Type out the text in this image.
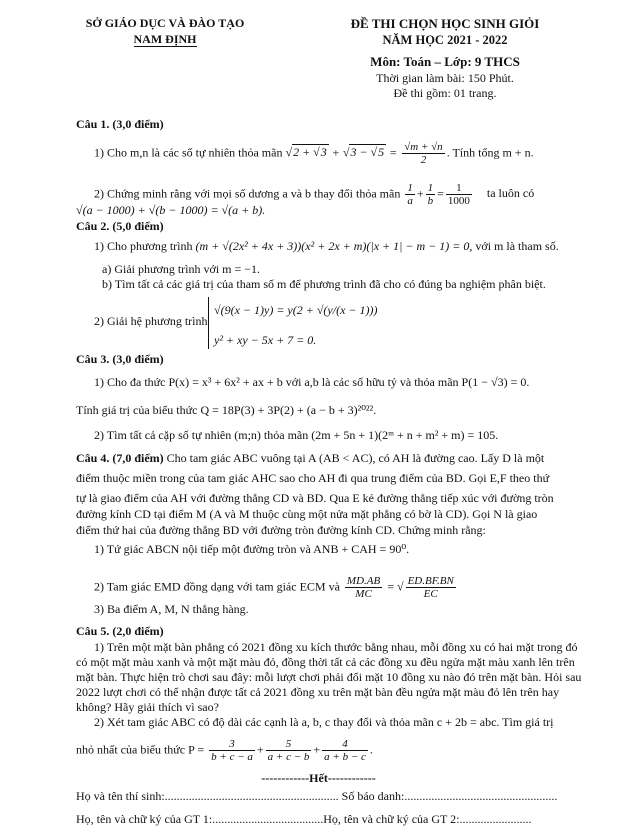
SỞ GIÁO DỤC VÀ ĐÀO TẠO
NAM ĐỊNH
ĐỀ THI CHỌN HỌC SINH GIỎI
NĂM HỌC 2021 - 2022
Môn: Toán – Lớp: 9 THCS
Thời gian làm bài: 150 Phút.
Đề thi gồm: 01 trang.
Câu 1. (3,0 điểm)
1) Cho m,n là các số tự nhiên thỏa mãn $√2 + √3 + √3 - √5 = \frac{√m + √n}{2}$ . Tính tổng m + n.
2) Chứng minh rằng với mọi số dương a và b thay đổi thỏa mãn $\frac{1}{a} + \frac{1}{b} = \frac{1}{1000}$ ta luôn có
√(a − 1000) + √(b − 1000) = √(a + b).
Câu 2. (5,0 điểm)
1) Cho phương trình (m + √(2x² + 4x + 3))(x² + 2x + m)(|x + 1| − m − 1) = 0, với m là tham số.
a) Giải phương trình với m = −1.
b) Tìm tất cả các giá trị của tham số m để phương trình đã cho có đúng ba nghiệm phân biệt.
2) Giải hệ phương trình
√(9(x − 1)y) = y(2 + √(y/(x − 1)))
y² + xy − 5x + 7 = 0.
Câu 3. (3,0 điểm)
1) Cho đa thức P(x) = x³ + 6x² + ax + b với a,b là các số hữu tỷ và thỏa mãn P(1 − √3) = 0.
Tính giá trị của biểu thức Q = 18P(3) + 3P(2) + (a − b + 3)²⁰²².
2) Tìm tất cả cặp số tự nhiên (m;n) thỏa mãn (2m + 5n + 1)(2ᵐ + n + m² + m) = 105.
Câu 4. (7,0 điểm) Cho tam giác ABC vuông tại A (AB < AC), có AH là đường cao. Lấy D là một
điểm thuộc miền trong của tam giác AHC sao cho AH đi qua trung điểm của BD. Gọi E,F theo thứ
tự là giao điểm của AH với đường thẳng CD và BD. Qua E kẻ đường thẳng tiếp xúc với đường tròn
đường kính CD tại điểm M (A và M thuộc cùng một nửa mặt phẳng có bờ là CD). Gọi N là giao
điểm thứ hai của đường thẳng BD với đường tròn đường kính CD. Chứng minh rằng:
1) Tứ giác ABCN nội tiếp một đường tròn và ANB + CAH = 90⁰.
2) Tam giác EMD đồng dạng với tam giác ECM và $\frac{MD.AB}{MC}$ = √ $\frac{ED.BF.BN}{EC}$
3) Ba điểm A, M, N thẳng hàng.
Câu 5. (2,0 điểm)
1) Trên một mặt bàn phẳng có 2021 đồng xu kích thước bằng nhau, mỗi đồng xu có hai mặt trong đó
có một mặt màu xanh và một mặt màu đỏ, đồng thời tất cả các đồng xu đều ngửa mặt màu xanh lên trên
mặt bàn. Thực hiện trò chơi sau đây: mỗi lượt chơi phải đổi mặt 10 đồng xu nào đó trên mặt bàn. Hỏi sau
2022 lượt chơi có thể nhận được tất cả 2021 đồng xu trên mặt bàn đều ngửa mặt màu đỏ lên trên hay
không? Hãy giải thích vì sao?
2) Xét tam giác ABC có độ dài các cạnh là a, b, c thay đổi và thỏa mãn c + 2b = abc. Tìm giá trị
nhỏ nhất của biểu thức $P = \frac{3}{b + c - a} + \frac{5}{a + c - b} + \frac{4}{a + b - c}$ .
------------Hết------------
Họ và tên thí sinh:.......................................................... Số báo danh:...................................................
Họ, tên và chữ ký của GT 1:.....................................Họ, tên và chữ ký của GT 2:........................
